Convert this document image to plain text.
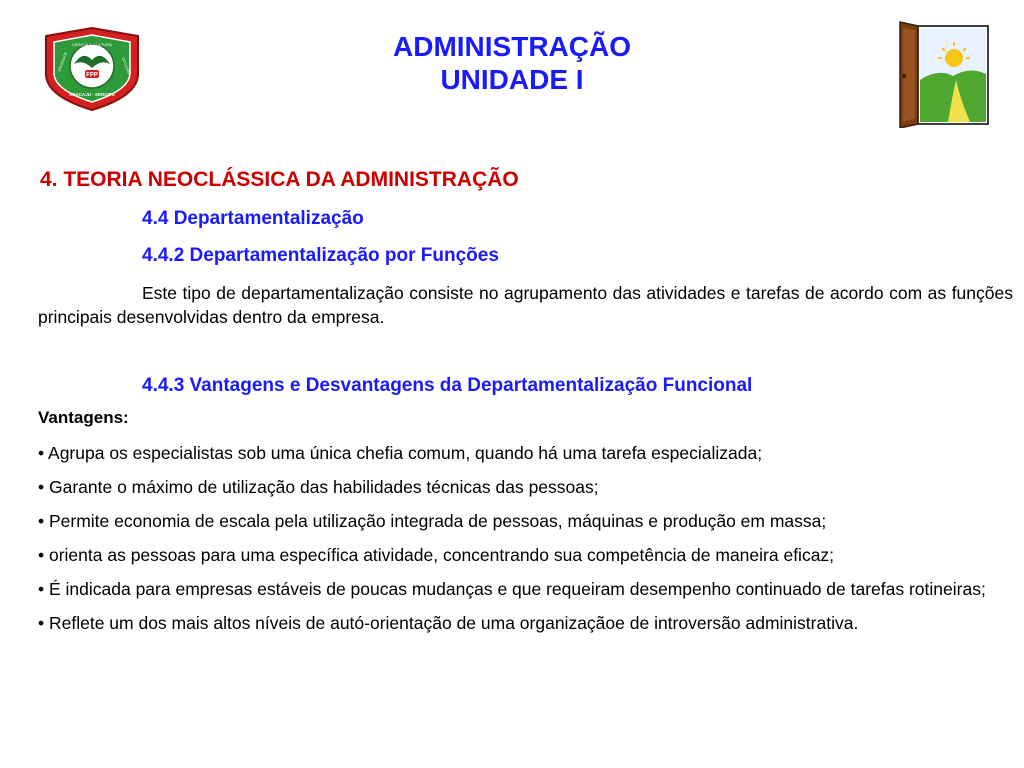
FPP
CIENCIA E CULTURA
ARACAJU · SERGIPE
SOCIEDADE	DO CEARÁ
ADMINISTRAÇÃO
UNIDADE I
4. TEORIA NEOCLÁSSICA DA ADMINISTRAÇÃO
4.4 Departamentalização
4.4.2 Departamentalização por Funções
Este tipo de departamentalização consiste no agrupamento das atividades e tarefas de acordo com as funções principais desenvolvidas dentro da empresa.
4.4.3 Vantagens e Desvantagens da Departamentalização Funcional
Vantagens:
• Agrupa os especialistas sob uma única chefia comum, quando há uma tarefa especializada;
• Garante o máximo de utilização das habilidades técnicas das pessoas;
• Permite economia de escala pela utilização integrada de pessoas, máquinas e produção em massa;
• orienta as pessoas para uma específica atividade, concentrando sua competência de maneira eficaz;
• É indicada para empresas estáveis de poucas mudanças e que requeiram desempenho continuado de tarefas rotineiras;
• Reflete um dos mais altos níveis de autó-orientação de uma organizaçãoe de introversão administrativa.
